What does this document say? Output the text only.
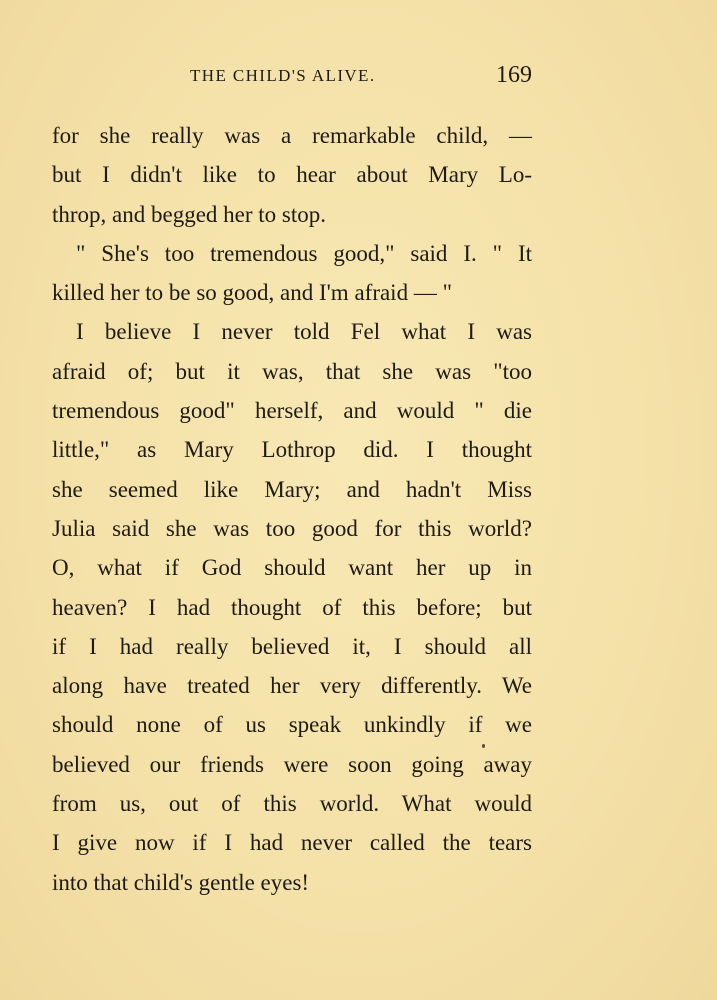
THE CHILD'S ALIVE.	169
for she really was a remarkable child, —
but I didn't like to hear about Mary Lo-
throp, and begged her to stop.
" She's too tremendous good," said I. " It
killed her to be so good, and I'm afraid — "
I believe I never told Fel what I was
afraid of; but it was, that she was "too
tremendous good" herself, and would " die
little," as Mary Lothrop did. I thought
she seemed like Mary; and hadn't Miss
Julia said she was too good for this world?
O, what if God should want her up in
heaven? I had thought of this before; but
if I had really believed it, I should all
along have treated her very differently. We
should none of us speak unkindly if we
believed our friends were soon going away
from us, out of this world. What would
I give now if I had never called the tears
into that child's gentle eyes!
